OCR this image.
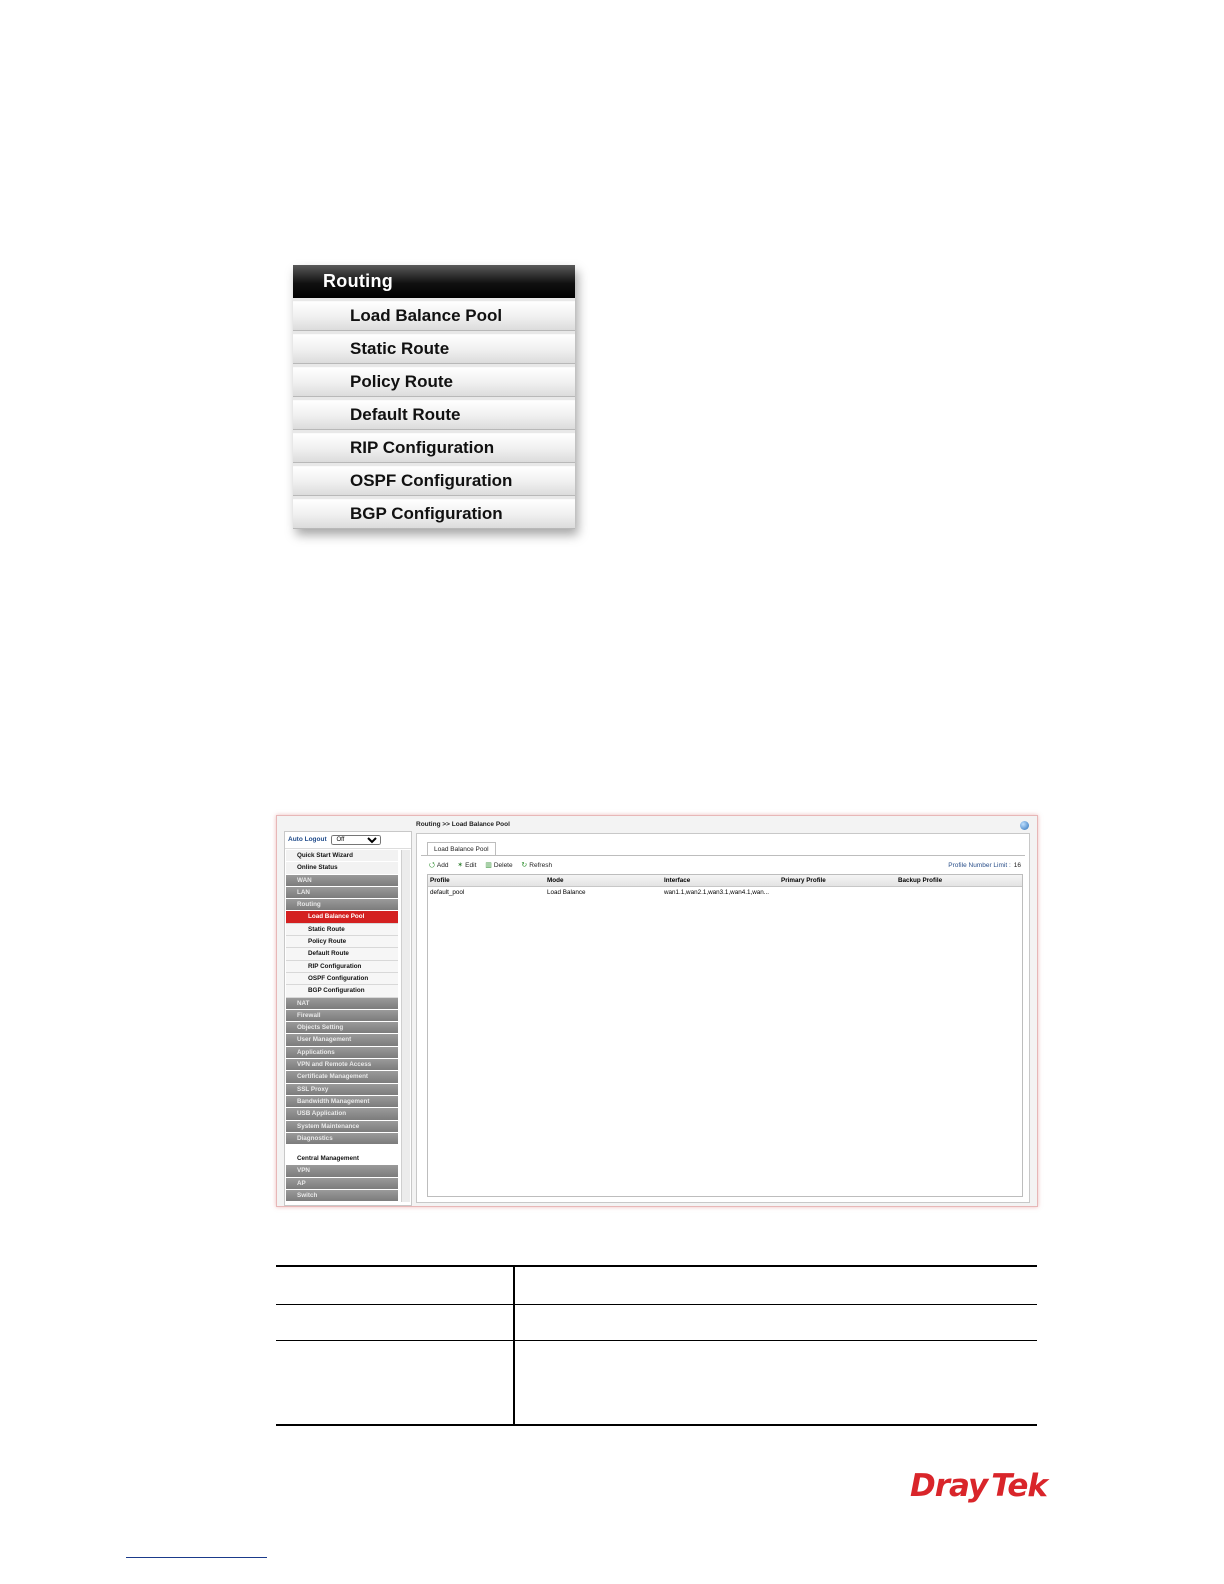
Routing
Load Balance Pool
Static Route
Policy Route
Default Route
RIP Configuration
OSPF Configuration
BGP Configuration
Auto Logout
Off
Quick Start Wizard
Online Status
WAN
LAN
Routing
Load Balance Pool
Static Route
Policy Route
Default Route
RIP Configuration
OSPF Configuration
BGP Configuration
NAT
Firewall
Objects Setting
User Management
Applications
VPN and Remote Access
Certificate Management
SSL Proxy
Bandwidth Management
USB Application
System Maintenance
Diagnostics
Central Management
VPN
AP
Switch
Routing >> Load Balance Pool
Load Balance Pool
⭯ Add ✶ Edit ▥ Delete ↻ Refresh	Profile Number Limit : 16
Profile	Mode	Interface	Primary Profile	Backup Profile
default_pool	Load Balance	wan1.1,wan2.1,wan3.1,wan4.1,wan...

Dray Tek
